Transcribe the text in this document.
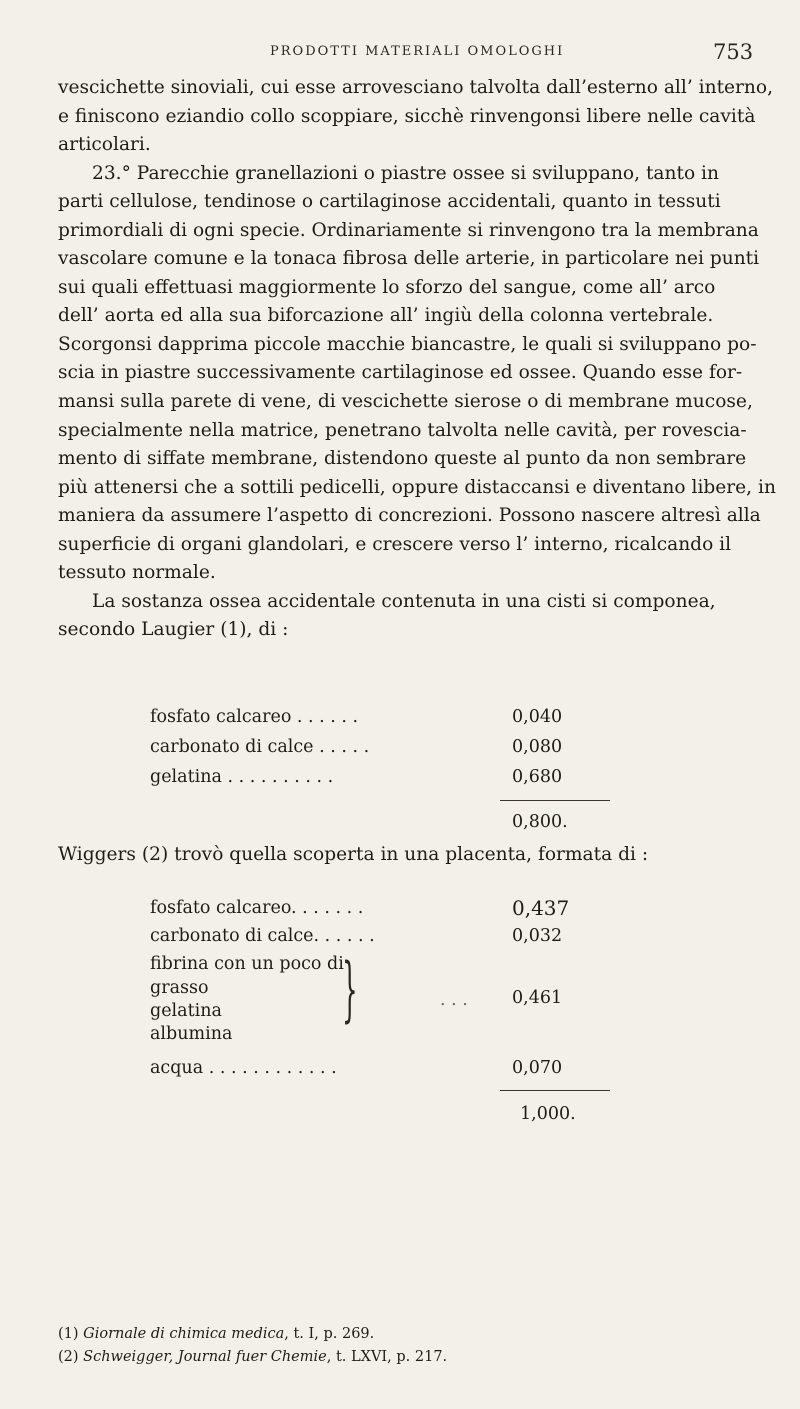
PRODOTTI MATERIALI OMOLOGHI	753
vescichette sinoviali, cui esse arrovesciano talvolta dall’esterno all’ interno,
e finiscono eziandio collo scoppiare, sicchè rinvengonsi libere nelle cavità
articolari.
23.° Parecchie granellazioni o piastre ossee si sviluppano, tanto in
parti cellulose, tendinose o cartilaginose accidentali, quanto in tessuti
primordiali di ogni specie. Ordinariamente si rinvengono tra la membrana
vascolare comune e la tonaca fibrosa delle arterie, in particolare nei punti
sui quali effettuasi maggiormente lo sforzo del sangue, come all’ arco
dell’ aorta ed alla sua biforcazione all’ ingiù della colonna vertebrale.
Scorgonsi dapprima piccole macchie biancastre, le quali si sviluppano po-
scia in piastre successivamente cartilaginose ed ossee. Quando esse for-
mansi sulla parete di vene, di vescichette sierose o di membrane mucose,
specialmente nella matrice, penetrano talvolta nelle cavità, per rovescia-
mento di siffate membrane, distendono queste al punto da non sembrare
più attenersi che a sottili pedicelli, oppure distaccansi e diventano libere, in
maniera da assumere l’aspetto di concrezioni. Possono nascere altresì alla
superficie di organi glandolari, e crescere verso l’ interno, ricalcando il
tessuto normale.
La sostanza ossea accidentale contenuta in una cisti si componea,
secondo Laugier (1), di :
fosfato calcareo . . . . . .	0,040
carbonato di calce . . . . .	0,080
gelatina . . . . . . . . . .	0,680
0,800.
Wiggers (2) trovò quella scoperta in una placenta, formata di :
fosfato calcareo. . . . . . .	0,437
carbonato di calce. . . . . .	0,032
fibrina con un poco di
grasso
gelatina
albumina
}	. . .	0,461
acqua . . . . . . . . . . . .	0,070
1,000.
(1) Giornale di chimica medica, t. I, p. 269.
(2) Schweigger, Journal fuer Chemie, t. LXVI, p. 217.
